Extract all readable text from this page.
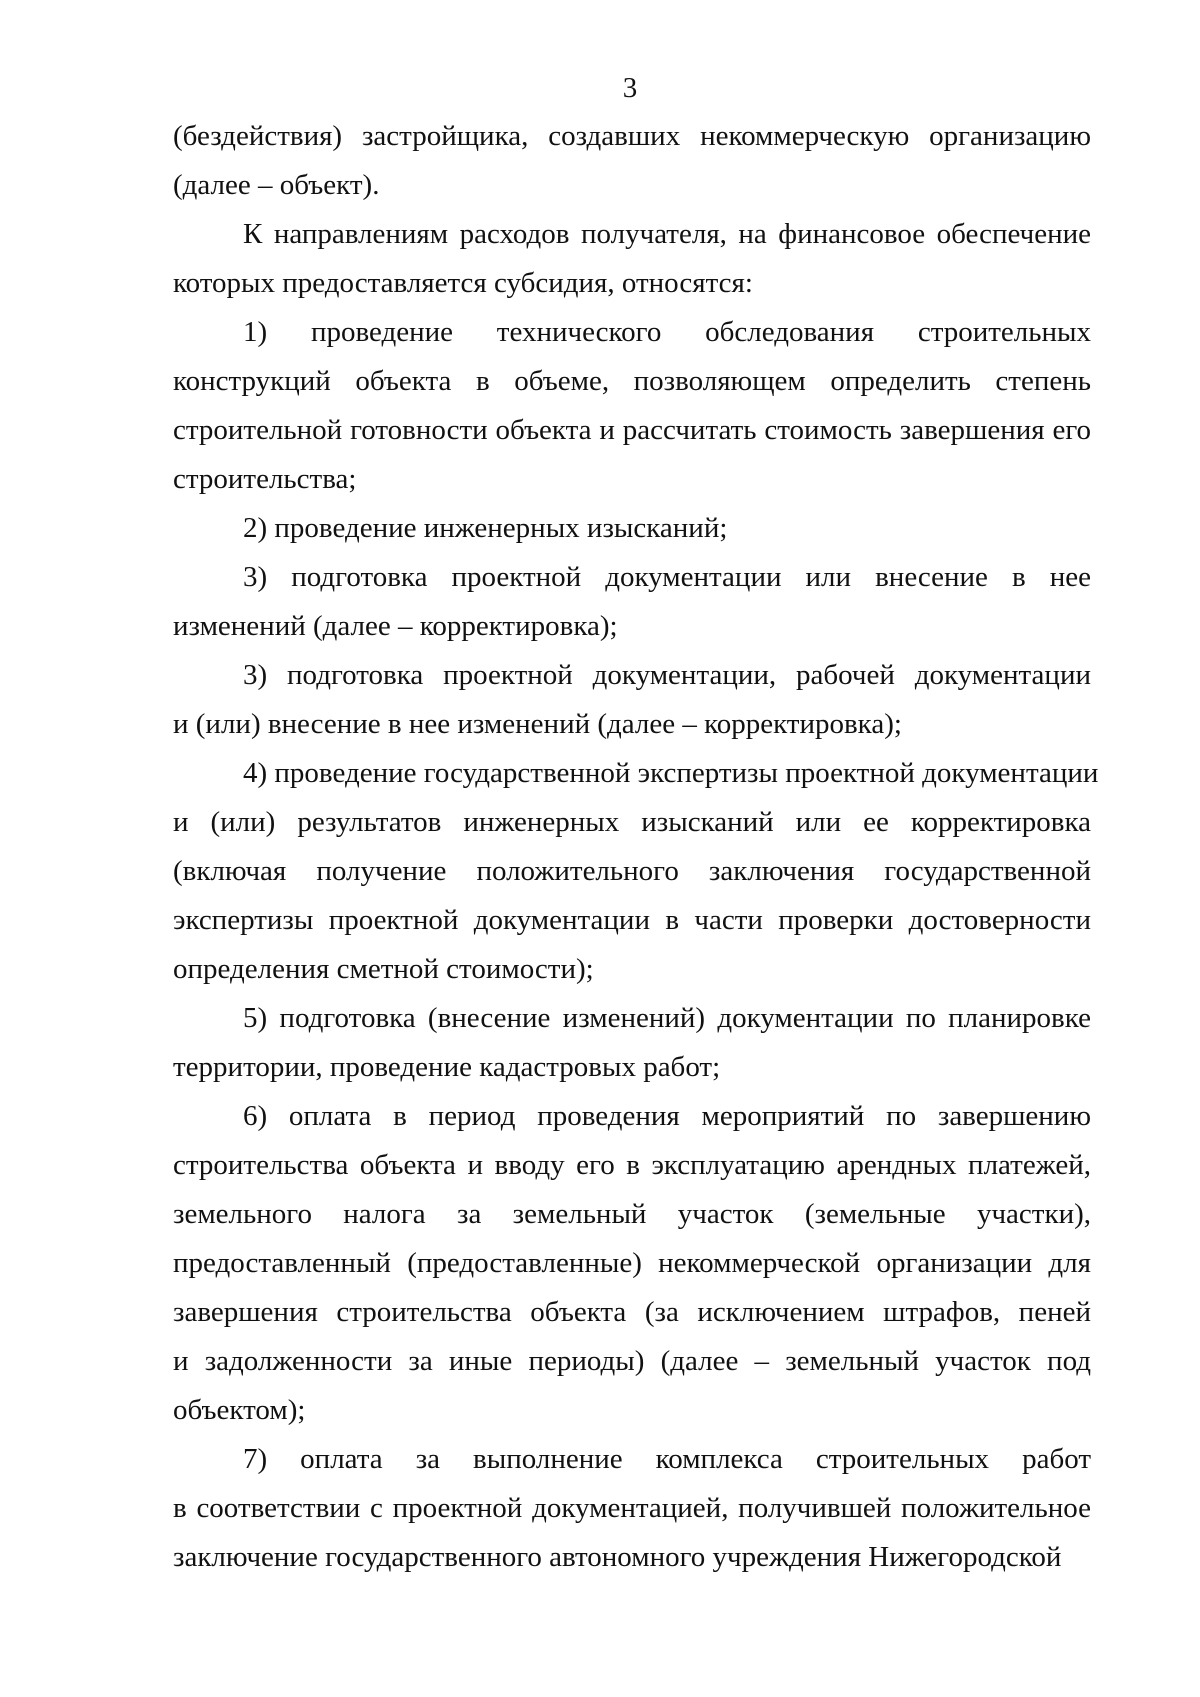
3
(бездействия) застройщика, создавших некоммерческую организацию
(далее – объект).
К направлениям расходов получателя, на финансовое обеспечение
которых предоставляется субсидия, относятся:
1) проведение технического обследования строительных
конструкций объекта в объеме, позволяющем определить степень
строительной готовности объекта и рассчитать стоимость завершения его
строительства;
2) проведение инженерных изысканий;
3) подготовка проектной документации или внесение в нее
изменений (далее – корректировка);
3) подготовка проектной документации, рабочей документации
и (или) внесение в нее изменений (далее – корректировка);
4) проведение государственной экспертизы проектной документации
и (или) результатов инженерных изысканий или ее корректировка
(включая получение положительного заключения государственной
экспертизы проектной документации в части проверки достоверности
определения сметной стоимости);
5) подготовка (внесение изменений) документации по планировке
территории, проведение кадастровых работ;
6) оплата в период проведения мероприятий по завершению
строительства объекта и вводу его в эксплуатацию арендных платежей,
земельного налога за земельный участок (земельные участки),
предоставленный (предоставленные) некоммерческой организации для
завершения строительства объекта (за исключением штрафов, пеней
и задолженности за иные периоды) (далее – земельный участок под
объектом);
7) оплата за выполнение комплекса строительных работ
в соответствии с проектной документацией, получившей положительное
заключение государственного автономного учреждения Нижегородской
